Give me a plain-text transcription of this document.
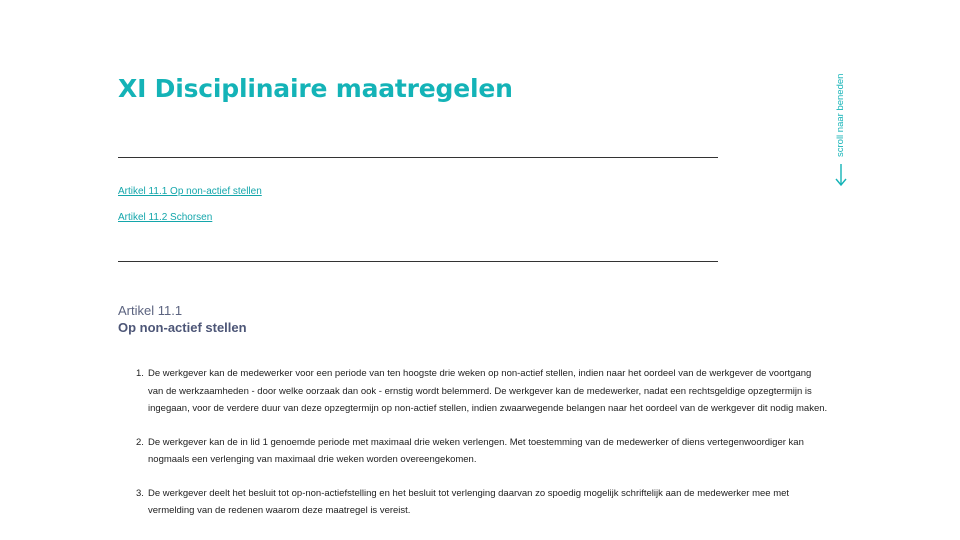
XI Disciplinaire maatregelen
Artikel 11.1 Op non-actief stellen
Artikel 11.2 Schorsen
Artikel 11.1
Op non-actief stellen
1. De werkgever kan de medewerker voor een periode van ten hoogste drie weken op non-actief stellen, indien naar het oordeel van de werkgever de voortgang van de werkzaamheden - door welke oorzaak dan ook - ernstig wordt belemmerd. De werkgever kan de medewerker, nadat een rechtsgeldige opzegtermijn is ingegaan, voor de verdere duur van deze opzegtermijn op non-actief stellen, indien zwaarwegende belangen naar het oordeel van de werkgever dit nodig maken.
2. De werkgever kan de in lid 1 genoemde periode met maximaal drie weken verlengen. Met toestemming van de medewerker of diens vertegenwoordiger kan nogmaals een verlenging van maximaal drie weken worden overeengekomen.
3. De werkgever deelt het besluit tot op-non-actiefstelling en het besluit tot verlenging daarvan zo spoedig mogelijk schriftelijk aan de medewerker mee met vermelding van de redenen waarom deze maatregel is vereist.
scroll naar beneden
